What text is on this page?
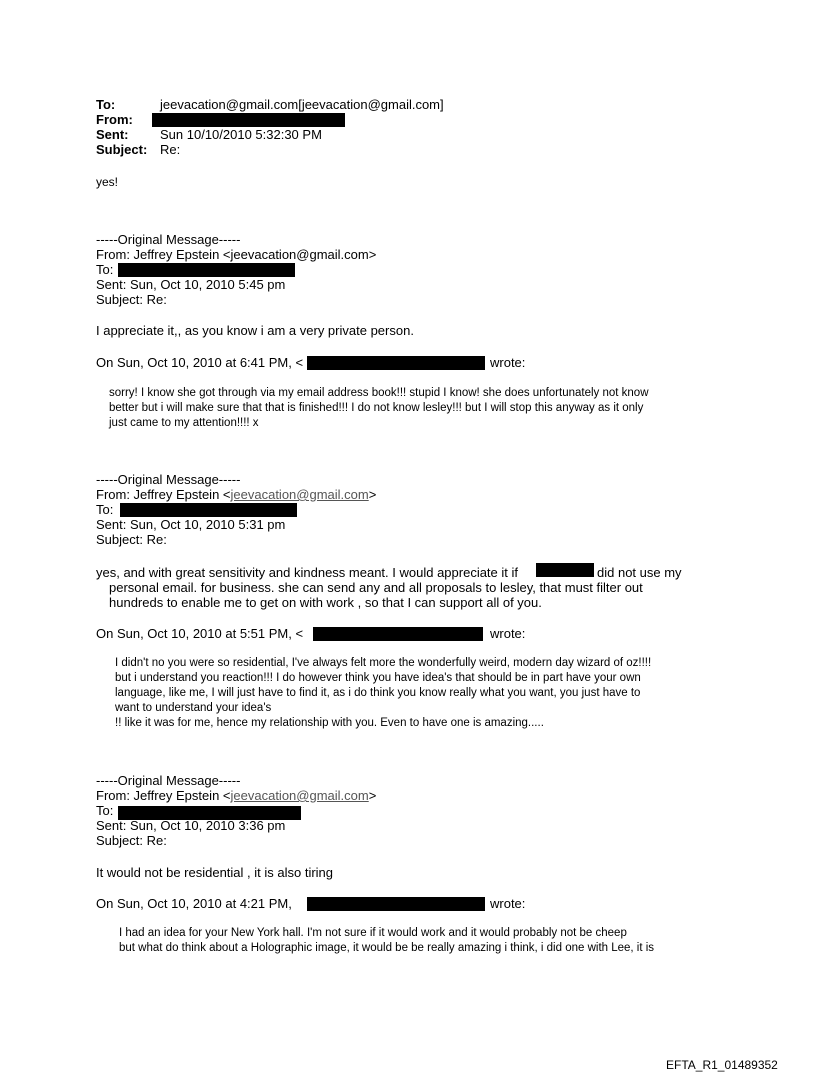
To:	jeevacation@gmail.com[jeevacation@gmail.com]
From:
Sent: Sun 10/10/2010 5:32:30 PM
Subject: Re:
yes!
-----Original Message-----
From: Jeffrey Epstein <jeevacation@gmail.com>
To:
Sent: Sun, Oct 10, 2010 5:45 pm
Subject: Re:
I appreciate it,, as you know i am a very private person.
On Sun, Oct 10, 2010 at 6:41 PM, <	wrote:
sorry! I know she got through via my email address book!!! stupid I know! she does unfortunately not know
better but i will make sure that that is finished!!! I do not know lesley!!! but I will stop this anyway as it only
just came to my attention!!!! x
-----Original Message-----
From: Jeffrey Epstein <jeevacation@gmail.com>
To:
Sent: Sun, Oct 10, 2010 5:31 pm
Subject: Re:
yes, and with great sensitivity and kindness meant. I would appreciate it if	did not use my
personal email. for business. she can send any and all proposals to lesley, that must filter out
hundreds to enable me to get on with work , so that I can support all of you.
On Sun, Oct 10, 2010 at 5:51 PM, <	wrote:
I didn't no you were so residential, I've always felt more the wonderfully weird, modern day wizard of oz!!!!
but i understand you reaction!!! I do however think you have idea's that should be in part have your own
language, like me, I will just have to find it, as i do think you know really what you want, you just have to
want to understand your idea's
!! like it was for me, hence my relationship with you. Even to have one is amazing.....
-----Original Message-----
From: Jeffrey Epstein <jeevacation@gmail.com>
To:
Sent: Sun, Oct 10, 2010 3:36 pm
Subject: Re:
It would not be residential , it is also tiring
On Sun, Oct 10, 2010 at 4:21 PM,	wrote:
I had an idea for your New York hall. I'm not sure if it would work and it would probably not be cheep
but what do think about a Holographic image, it would be be really amazing i think, i did one with Lee, it is
EFTA_R1_01489352
